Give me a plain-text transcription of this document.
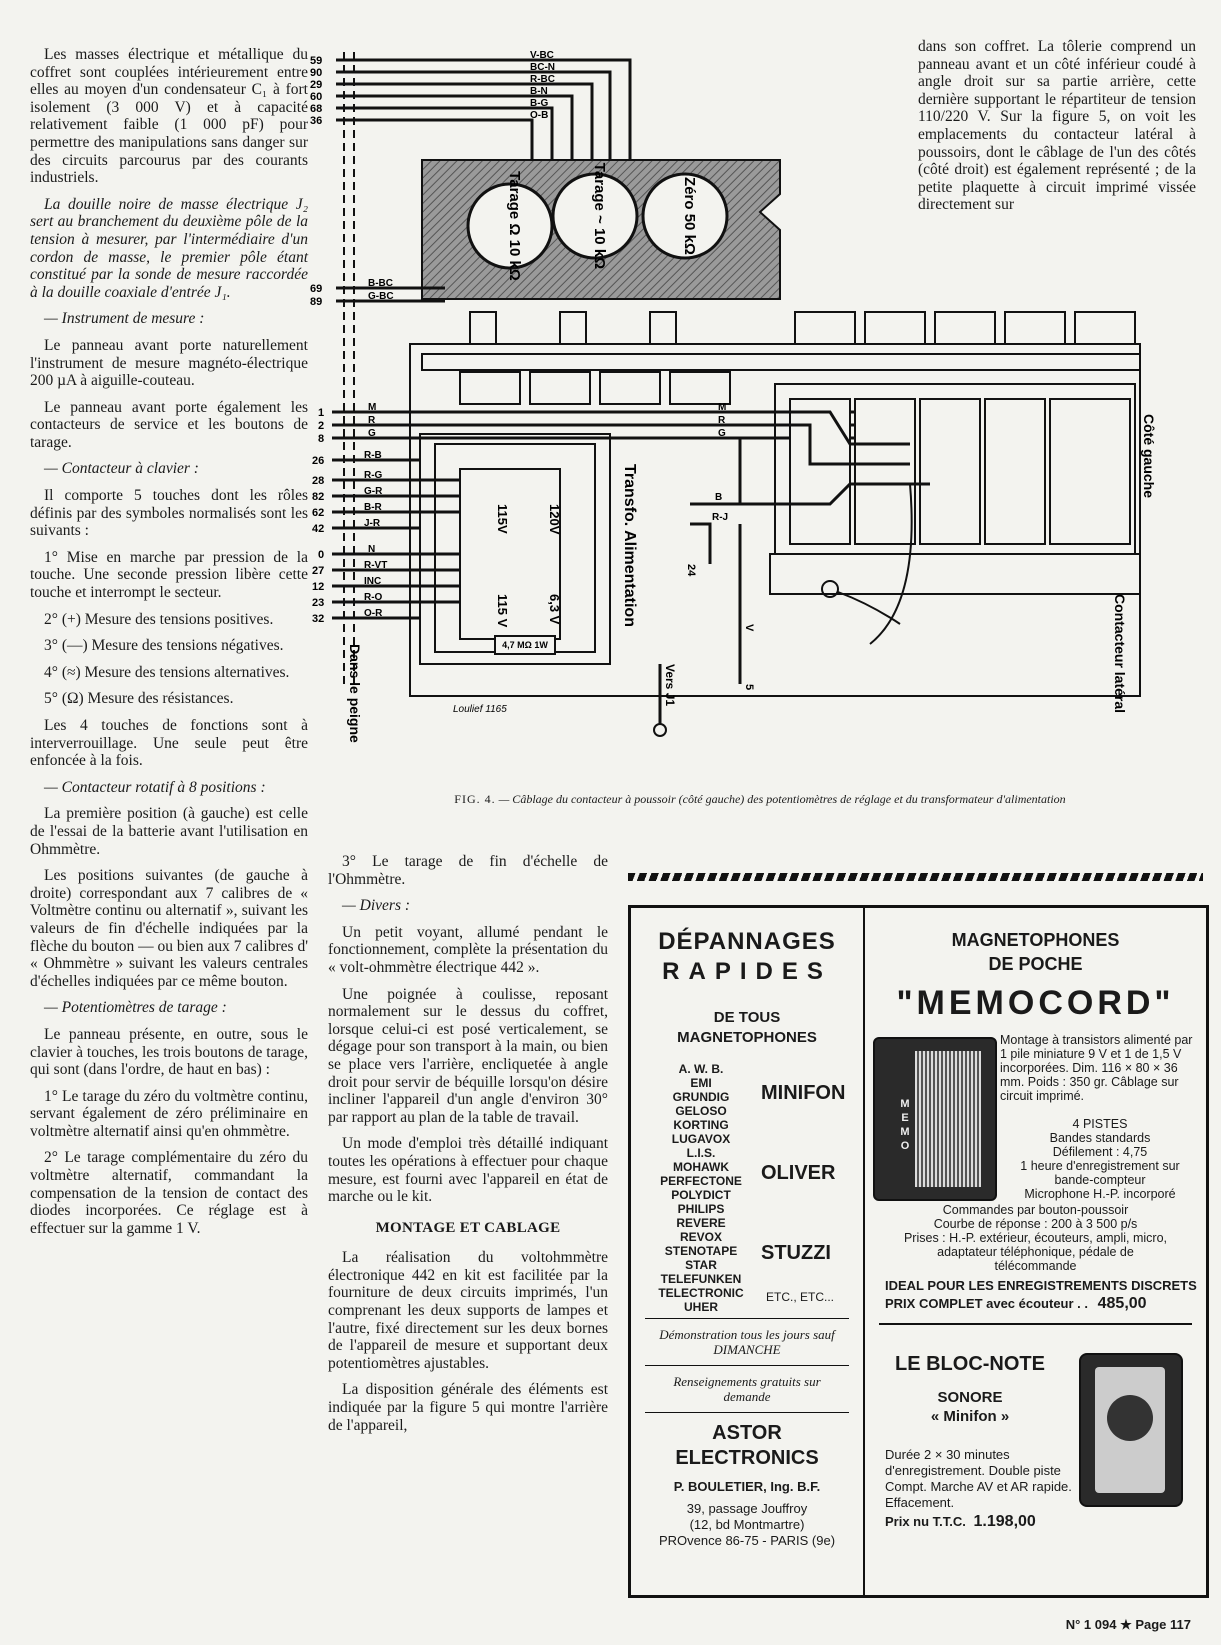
Les masses électrique et métallique du coffret sont couplées intérieurement entre elles au moyen d'un condensateur C₁ à fort isolement (3 000 V) et à capacité relativement faible (1 000 pF) pour permettre des manipulations sans danger sur des circuits parcourus par des courants industriels.

La douille noire de masse électrique J₂ sert au branchement du deuxième pôle de la tension à mesurer, par l'intermédiaire d'un cordon de masse, le premier pôle étant constitué par la sonde de mesure raccordée à la douille coaxiale d'entrée J₁.

— Instrument de mesure :

Le panneau avant porte naturellement l'instrument de mesure magnéto-électrique 200 µA à aiguille-couteau.

Le panneau avant porte également les contacteurs de service et les boutons de tarage.

— Contacteur à clavier :

Il comporte 5 touches dont les rôles définis par des symboles normalisés sont les suivants :

1° Mise en marche par pression de la touche. Une seconde pression libère cette touche et interrompt le secteur.

2° (+) Mesure des tensions positives.

3° (—) Mesure des tensions négatives.

4° (≈) Mesure des tensions alternatives.

5° (Ω) Mesure des résistances.

Les 4 touches de fonctions sont à interverrouillage. Une seule peut être enfoncée à la fois.

— Contacteur rotatif à 8 positions :

La première position (à gauche) est celle de l'essai de la batterie avant l'utilisation en Ohmmètre.

Les positions suivantes (de gauche à droite) correspondant aux 7 calibres de « Voltmètre continu ou alternatif », suivant les valeurs de fin d'échelle indiquées par la flèche du bouton — ou bien aux 7 calibres d' « Ohmmètre » suivant les valeurs centrales d'échelles indiquées par ce même bouton.

— Potentiomètres de tarage :

Le panneau présente, en outre, sous le clavier à touches, les trois boutons de tarage, qui sont (dans l'ordre, de haut en bas) :

1° Le tarage du zéro du voltmètre continu, servant également de zéro préliminaire en voltmètre alternatif ainsi qu'en ohmmètre.

2° Le tarage complémentaire du zéro du voltmètre alternatif, commandant la compensation de la tension de contact des diodes incorporées. Ce réglage est à effectuer sur la gamme 1 V.

dans son coffret. La tôlerie comprend un panneau avant et un côté inférieur coudé à angle droit sur sa partie arrière, cette dernière supportant le répartiteur de tension 110/220 V. Sur la figure 5, on voit les emplacements du contacteur latéral à poussoirs, dont le câblage de l'un des côtés (côté droit) est également représenté ; de la petite plaquette à circuit imprimé vissée directement sur

59
90
29
60
68
36
V-BC
BC-N
R-BC
B-N
B-G
O-B
Tarage Ω 10 kΩ	Tarage ~ 10 kΩ	Zéro 50 kΩ
69
89
B-BC
G-BC
1
2
8
26
28
82
62
42
0
27
12
23
32
M
R
G
R-B
R-G
G-R
B-R
J-R
N
R-VT
INC
R-O
O-R
115V	120V
115 V	6,3 V
4,7 MΩ 1W
Transfo. Alimentation
M
R
G
B
R-J
24
V
5
Vers J1
Dans le peigne
Côté gauche
Contacteur latéral
Loulief 1165
FIG. 4. — Câblage du contacteur à poussoir (côté gauche) des potentiomètres de réglage et du transformateur d'alimentation

3° Le tarage de fin d'échelle de l'Ohmmètre.

— Divers :

Un petit voyant, allumé pendant le fonctionnement, complète la présentation du « volt-ohmmètre électrique 442 ».

Une poignée à coulisse, reposant normalement sur le dessus du coffret, lorsque celui-ci est posé verticalement, se dégage pour son transport à la main, ou bien se place vers l'arrière, encliquetée à angle droit pour servir de béquille lorsqu'on désire incliner l'appareil d'un angle d'environ 30° par rapport au plan de la table de travail.

Un mode d'emploi très détaillé indiquant toutes les opérations à effectuer pour chaque mesure, est fourni avec l'appareil en état de marche ou le kit.

MONTAGE ET CABLAGE

La réalisation du voltohmmètre électronique 442 en kit est facilitée par la fourniture de deux circuits imprimés, l'un comprenant les deux supports de lampes et l'autre, fixé directement sur les deux bornes de l'appareil de mesure et supportant deux potentiomètres ajustables.

La disposition générale des éléments est indiquée par la figure 5 qui montre l'arrière de l'appareil,

DÉPANNAGES
RAPIDES
DE TOUS
MAGNETOPHONES
A. W. B.
EMI
GRUNDIG
GELOSO
KORTING
LUGAVOX
L.I.S.
MOHAWK
PERFECTONE
POLYDICT
PHILIPS
REVERE
REVOX
STENOTAPE
STAR
TELEFUNKEN
TELECTRONIC
UHER
MINIFON
OLIVER
STUZZI
ETC., ETC...
Démonstration tous les jours sauf DIMANCHE
Renseignements gratuits sur demande
ASTOR
ELECTRONICS
P. BOULETIER, Ing. B.F.
39, passage Jouffroy
(12, bd Montmartre)
PROvence 86-75 - PARIS (9e)
MAGNETOPHONES
DE POCHE
"MEMOCORD"
MEMO
Montage à transistors alimenté par 1 pile miniature 9 V et 1 de 1,5 V incorporées. Dim. 116 × 80 × 36 mm. Poids : 350 gr. Câblage sur circuit imprimé.
4 PISTES
Bandes standards
Défilement : 4,75
1 heure d'enregistrement sur bande-compteur
Microphone H.-P. incorporé
Commandes par bouton-poussoir
Courbe de réponse : 200 à 3 500 p/s
Prises : H.-P. extérieur, écouteurs, ampli, micro, adaptateur téléphonique, pédale de télécommande
IDEAL POUR LES ENREGISTREMENTS DISCRETS
PRIX COMPLET avec écouteur . . 485,00
LE BLOC-NOTE
SONORE
« Minifon »
Durée 2 × 30 minutes d'enregistrement. Double piste Compt. Marche AV et AR rapide. Effacement.
Prix nu T.T.C. 1.198,00
N° 1 094 ★ Page 117
